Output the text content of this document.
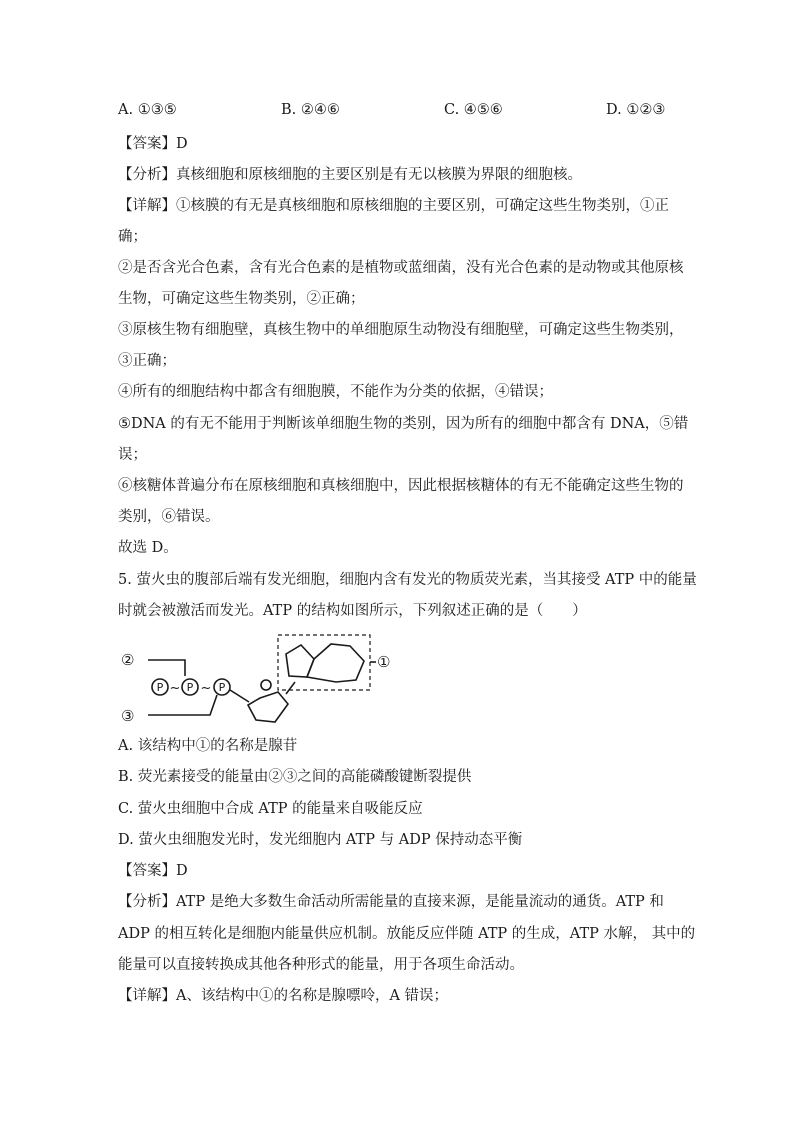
A. ①③⑤	B. ②④⑥	C. ④⑤⑥	D. ①②③
【答案】D
【分析】真核细胞和原核细胞的主要区别是有无以核膜为界限的细胞核。
【详解】①核膜的有无是真核细胞和原核细胞的主要区别，可确定这些生物类别，①正
确；
②是否含光合色素，含有光合色素的是植物或蓝细菌，没有光合色素的是动物或其他原核
生物，可确定这些生物类别，②正确；
③原核生物有细胞壁，真核生物中的单细胞原生动物没有细胞壁，可确定这些生物类别，
③正确；
④所有的细胞结构中都含有细胞膜，不能作为分类的依据，④错误；
⑤DNA 的有无不能用于判断该单细胞生物的类别，因为所有的细胞中都含有 DNA，⑤错
误；
⑥核糖体普遍分布在原核细胞和真核细胞中，因此根据核糖体的有无不能确定这些生物的
类别，⑥错误。
故选 D。
5. 萤火虫的腹部后端有发光细胞，细胞内含有发光的物质荧光素，当其接受 ATP 中的能量
时就会被激活而发光。ATP 的结构如图所示，下列叙述正确的是（　　）
P P P
~ ~
②
③
①
A. 该结构中①的名称是腺苷
B. 荧光素接受的能量由②③之间的高能磷酸键断裂提供
C. 萤火虫细胞中合成 ATP 的能量来自吸能反应
D. 萤火虫细胞发光时，发光细胞内 ATP 与 ADP 保持动态平衡
【答案】D
【分析】ATP 是绝大多数生命活动所需能量的直接来源，是能量流动的通货。ATP 和
ADP 的相互转化是细胞内能量供应机制。放能反应伴随 ATP 的生成，ATP 水解， 其中的
能量可以直接转换成其他各种形式的能量，用于各项生命活动。
【详解】A、该结构中①的名称是腺嘌呤，A 错误；
